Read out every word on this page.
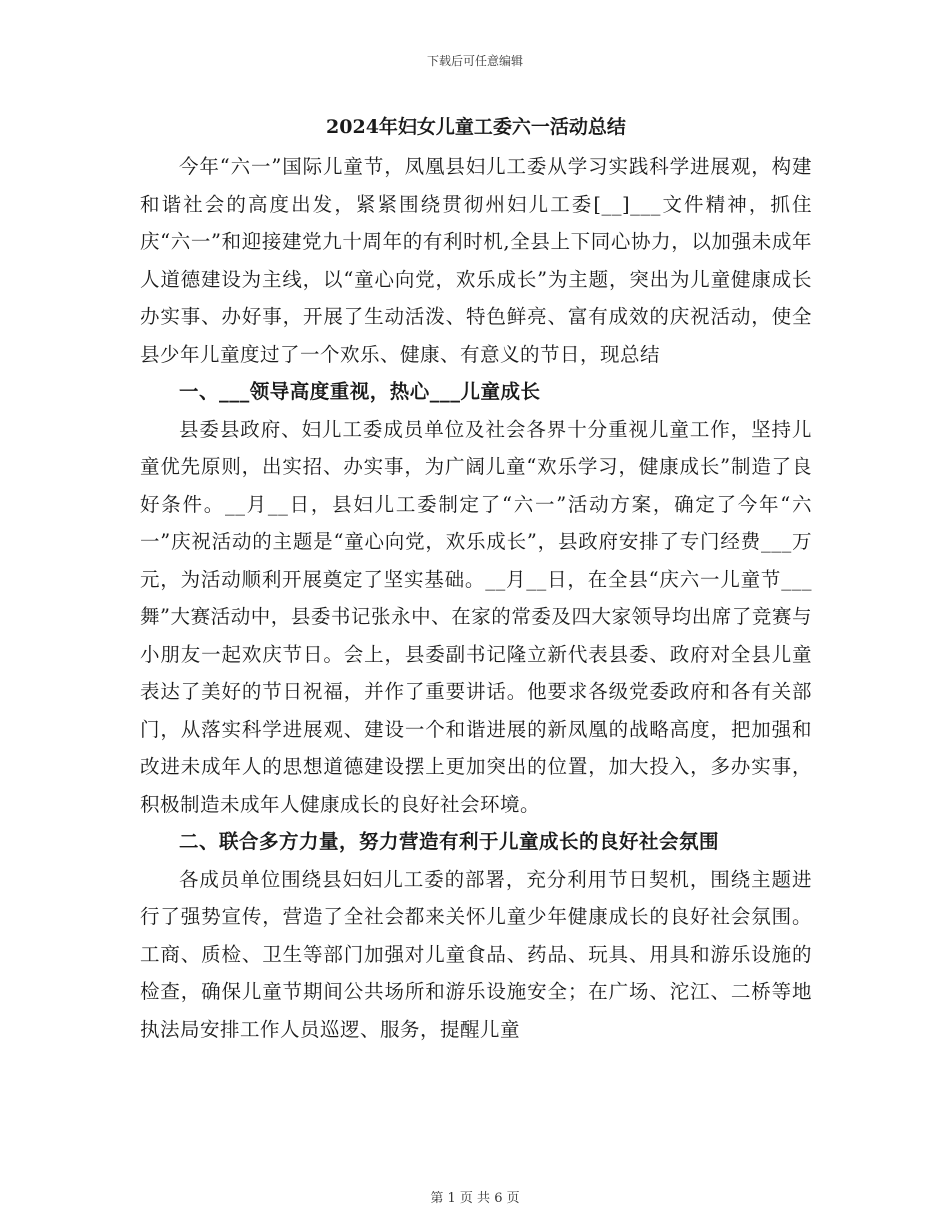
下载后可任意编辑
2024年妇女儿童工委六一活动总结

今年“六一”国际儿童节，凤凰县妇儿工委从学习实践科学进展观，构建和谐社会的高度出发，紧紧围绕贯彻州妇儿工委[__]___文件精神，抓住庆“六一”和迎接建党九十周年的有利时机,全县上下同心协力，以加强未成年人道德建设为主线，以“童心向党，欢乐成长”为主题，突出为儿童健康成长办实事、办好事，开展了生动活泼、特色鲜亮、富有成效的庆祝活动，使全县少年儿童度过了一个欢乐、健康、有意义的节日，现总结

一、___领导高度重视，热心___儿童成长

县委县政府、妇儿工委成员单位及社会各界十分重视儿童工作，坚持儿童优先原则，出实招、办实事，为广阔儿童“欢乐学习，健康成长”制造了良好条件。__月__日，县妇儿工委制定了“六一”活动方案，确定了今年“六一”庆祝活动的主题是“童心向党，欢乐成长”，县政府安排了专门经费___万元，为活动顺利开展奠定了坚实基础。__月__日，在全县“庆六一儿童节___舞”大赛活动中，县委书记张永中、在家的常委及四大家领导均出席了竞赛与小朋友一起欢庆节日。会上，县委副书记隆立新代表县委、政府对全县儿童表达了美好的节日祝福，并作了重要讲话。他要求各级党委政府和各有关部门，从落实科学进展观、建设一个和谐进展的新凤凰的战略高度，把加强和改进未成年人的思想道德建设摆上更加突出的位置，加大投入，多办实事，积极制造未成年人健康成长的良好社会环境。

二、联合多方力量，努力营造有利于儿童成长的良好社会氛围

各成员单位围绕县妇妇儿工委的部署，充分利用节日契机，围绕主题进行了强势宣传，营造了全社会都来关怀儿童少年健康成长的良好社会氛围。工商、质检、卫生等部门加强对儿童食品、药品、玩具、用具和游乐设施的检查，确保儿童节期间公共场所和游乐设施安全；在广场、沱江、二桥等地执法局安排工作人员巡逻、服务，提醒儿童

第 1 页 共 6 页
